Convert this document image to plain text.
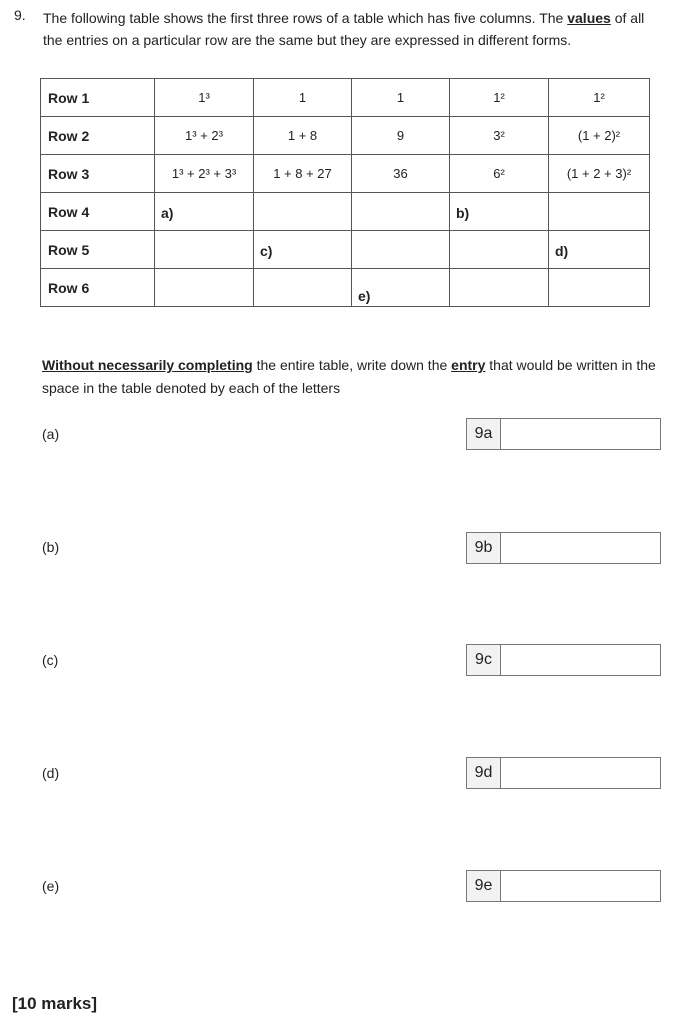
9. The following table shows the first three rows of a table which has five columns. The values of all the entries on a particular row are the same but they are expressed in different forms.
Row 1	1³	1	1	1²	1²
Row 2	1³ + 2³	1 + 8	9	3²	(1 + 2)²
Row 3	1³ + 2³ + 3³	1 + 8 + 27	36	6²	(1 + 2 + 3)²
Row 4	a)			b)	

Row 5		c)			d)

Row 6			e)		

Without necessarily completing the entire table, write down the entry that would be written in the space in the table denoted by each of the letters
(a)	9a
(b)	9b
(c)	9c
(d)	9d
(e)	9e
[10 marks]
